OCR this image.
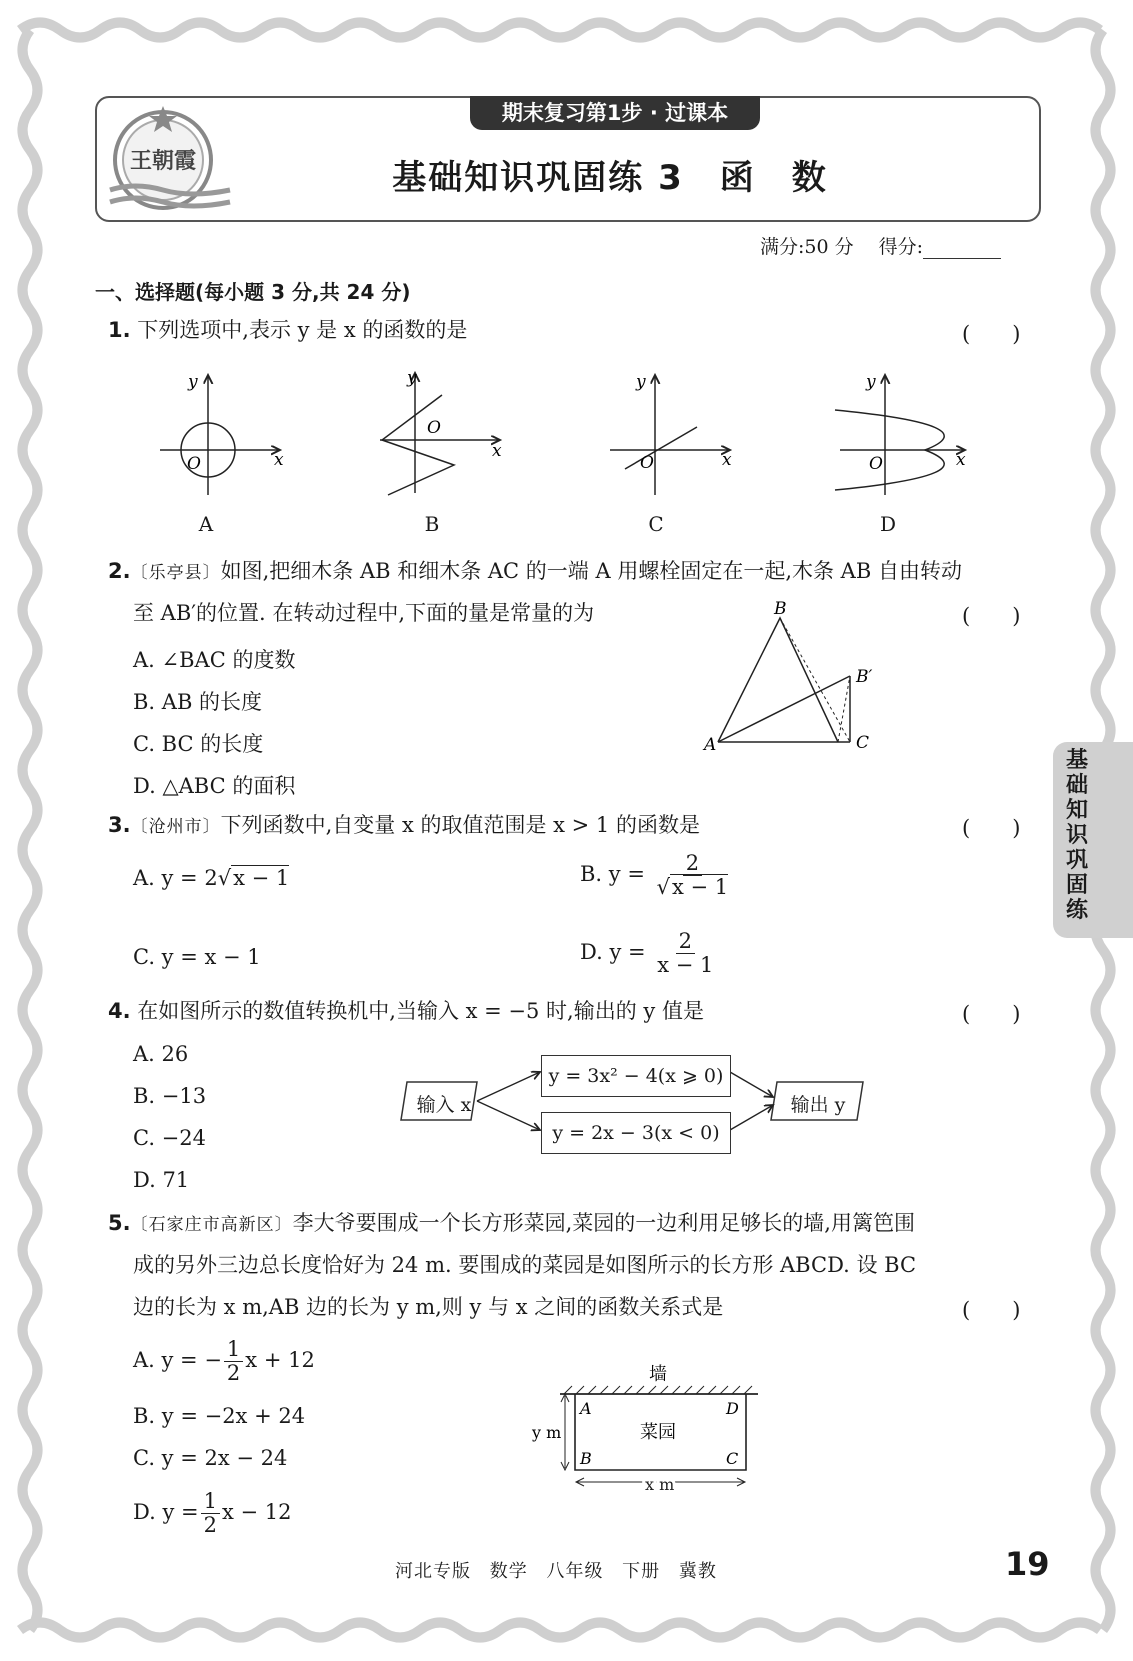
期末复习第1步 · 过课本
基础知识巩固练 3　函　数
王朝霞
满分:50 分　 得分:
一、选择题(每小题 3 分,共 24 分)
1. 下列选项中,表示 y 是 x 的函数的是	(　　)
O	x
y
O
x
y
O	x
y
O	x
y
A	B	C	D
2.〔乐亭县〕如图,把细木条 AB 和细木条 AC 的一端 A 用螺栓固定在一起,木条 AB 自由转动
至 AB′的位置. 在转动过程中,下面的量是常量的为	(　　)
A. ∠BAC 的度数
B. AB 的长度
C. BC 的长度
D. △ABC 的面积
B
B′
A	C
3.〔沧州市〕下列函数中,自变量 x 的取值范围是 x > 1 的函数是	(　　)
A. y = 2√x − 1	B. $y = \frac{2}{√x - 1}$
C. y = x − 1	D. $y = \frac{2}{x - 1}$
4. 在如图所示的数值转换机中,当输入 x = −5 时,输出的 y 值是	(　　)
A. 26
B. −13
C. −24
D. 71
输入 x	输出 y
y = 3x² − 4(x ⩾ 0)
y = 2x − 3(x < 0)
5.〔石家庄市高新区〕李大爷要围成一个长方形菜园,菜园的一边利用足够长的墙,用篱笆围
成的另外三边总长度恰好为 24 m. 要围成的菜园是如图所示的长方形 ABCD. 设 BC
边的长为 x m,AB 边的长为 y m,则 y 与 x 之间的函数关系式是	(　　)
A. y = − $\frac{1}{2}$ x + 12
B. y = −2x + 24
C. y = 2x − 24
D. $y = \frac{1}{2}$ x − 12
墙
菜园
A	D
B	C
y m
x m
基础知识巩固练
河北专版 数学 八年级 下册 冀教	19
